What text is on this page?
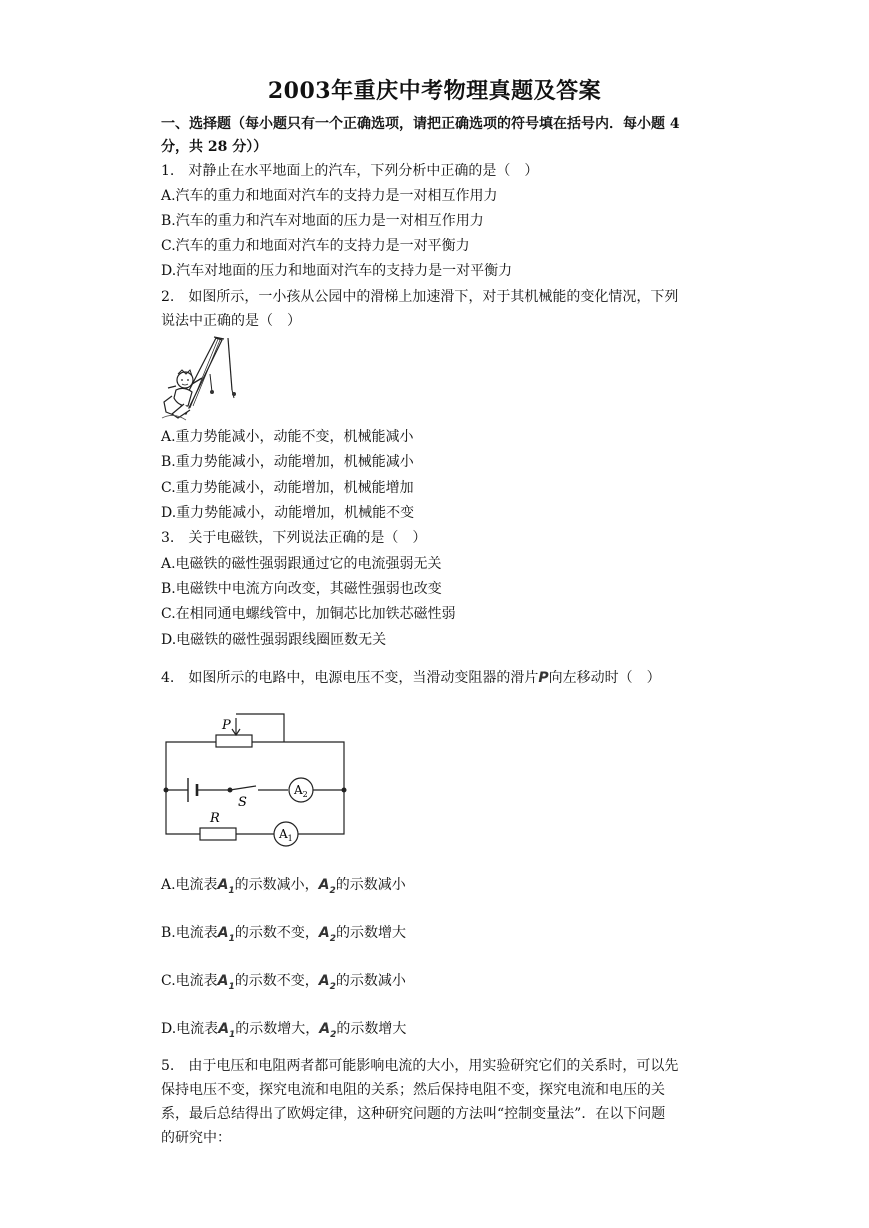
2003年重庆中考物理真题及答案
一、选择题（每小题只有一个正确选项，请把正确选项的符号填在括号内．每小题 4
分，共 28 分））
1.　对静止在水平地面上的汽车，下列分析中正确的是（　）
A.汽车的重力和地面对汽车的支持力是一对相互作用力
B.汽车的重力和汽车对地面的压力是一对相互作用力
C.汽车的重力和地面对汽车的支持力是一对平衡力
D.汽车对地面的压力和地面对汽车的支持力是一对平衡力
2.　如图所示，一小孩从公园中的滑梯上加速滑下，对于其机械能的变化情况，下列
说法中正确的是（　）
A.重力势能减小，动能不变，机械能减小
B.重力势能减小，动能增加，机械能减小
C.重力势能减小，动能增加，机械能增加
D.重力势能减小，动能增加，机械能不变
3.　关于电磁铁，下列说法正确的是（　）
A.电磁铁的磁性强弱跟通过它的电流强弱无关
B.电磁铁中电流方向改变，其磁性强弱也改变
C.在相同通电螺线管中，加铜芯比加铁芯磁性弱
D.电磁铁的磁性强弱跟线圈匝数无关
4.　如图所示的电路中，电源电压不变，当滑动变阻器的滑片P向左移动时（　）
P
S
$A_2$
R
$A_1$
A.电流表$A_1$的示数减小，$A_2$的示数减小
B.电流表$A_1$的示数不变，$A_2$的示数增大
C.电流表$A_1$的示数不变，$A_2$的示数减小
D.电流表$A_1$的示数增大，$A_2$的示数增大
5.　由于电压和电阻两者都可能影响电流的大小，用实验研究它们的关系时，可以先
保持电压不变，探究电流和电阻的关系；然后保持电阻不变，探究电流和电压的关
系，最后总结得出了欧姆定律，这种研究问题的方法叫“控制变量法”．在以下问题
的研究中：
